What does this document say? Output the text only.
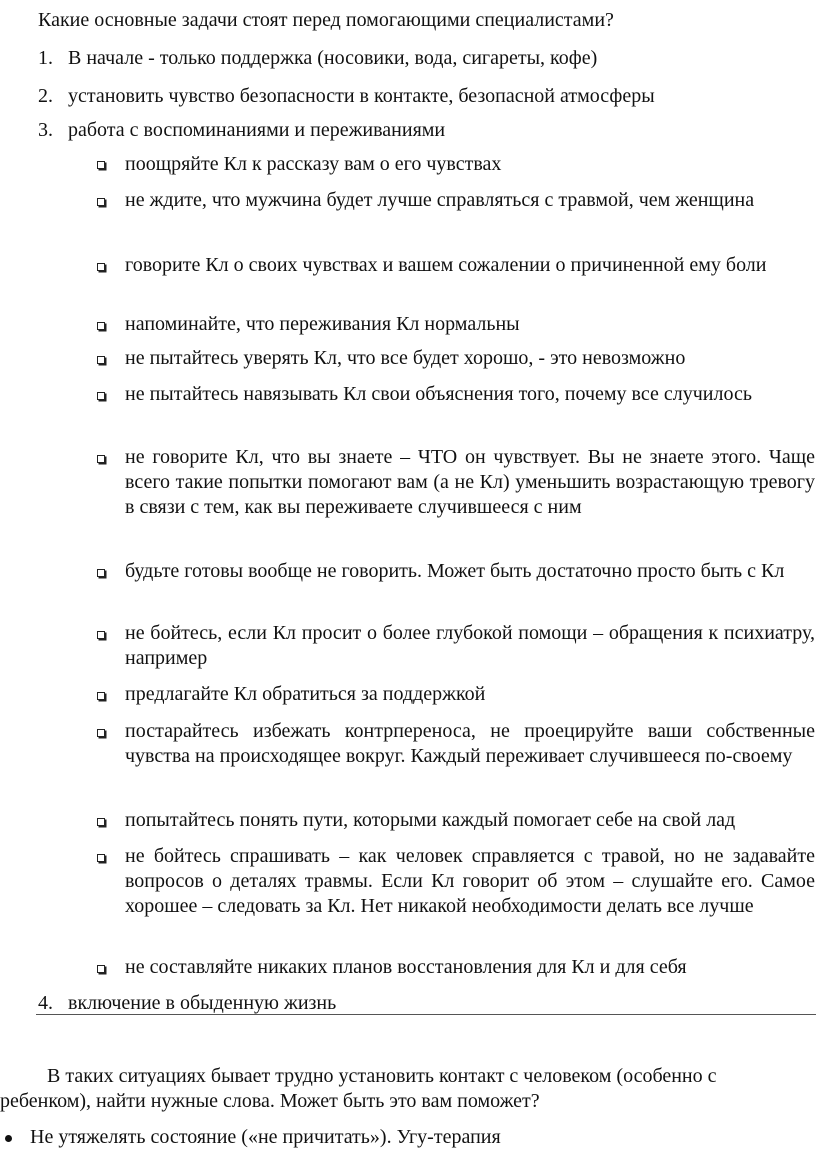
Какие основные задачи стоят перед помогающими специалистами?
1. В начале - только поддержка (носовики, вода, сигареты, кофе)
2. установить чувство безопасности в контакте, безопасной атмосферы
3. работа с воспоминаниями и переживаниями
поощряйте Кл к рассказу вам о его чувствах
не ждите, что мужчина будет лучше справляться с травмой, чем женщина
говорите Кл о своих чувствах и вашем сожалении о причиненной ему боли
напоминайте, что переживания Кл нормальны
не пытайтесь уверять Кл, что все будет хорошо, - это невозможно
не пытайтесь навязывать Кл свои объяснения того, почему все случилось
не говорите Кл, что вы знаете – ЧТО он чувствует. Вы не знаете этого. Чаще всего такие попытки помогают вам (а не Кл) уменьшить возрастающую тревогу в связи с тем, как вы переживаете случившееся с ним
будьте готовы вообще не говорить. Может быть достаточно просто быть с Кл
не бойтесь, если Кл просит о более глубокой помощи – обращения к психиатру, например
предлагайте Кл обратиться за поддержкой
постарайтесь избежать контрпереноса, не проецируйте ваши собственные чувства на происходящее вокруг. Каждый переживает случившееся по-своему
попытайтесь понять пути, которыми каждый помогает себе на свой лад
не бойтесь спрашивать – как человек справляется с травой, но не задавайте вопросов о деталях травмы. Если Кл говорит об этом – слушайте его. Самое хорошее – следовать за Кл. Нет никакой необходимости делать все лучше
не составляйте никаких планов восстановления для Кл и для себя
4. включение в обыденную жизнь
В таких ситуациях бывает трудно установить контакт с человеком (особенно с
ребенком), найти нужные слова. Может быть это вам поможет?
Не утяжелять состояние («не причитать»). Угу-терапия
